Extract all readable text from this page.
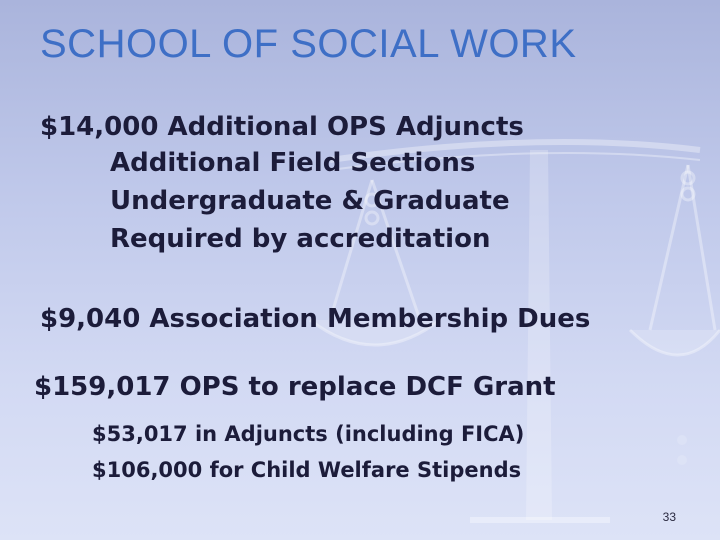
SCHOOL OF SOCIAL WORK
$14,000 Additional OPS Adjuncts
Additional Field Sections
Undergraduate & Graduate
Required by accreditation
$9,040 Association Membership Dues
$159,017 OPS to replace DCF Grant
$53,017 in Adjuncts (including FICA)
$106,000 for Child Welfare Stipends
33
